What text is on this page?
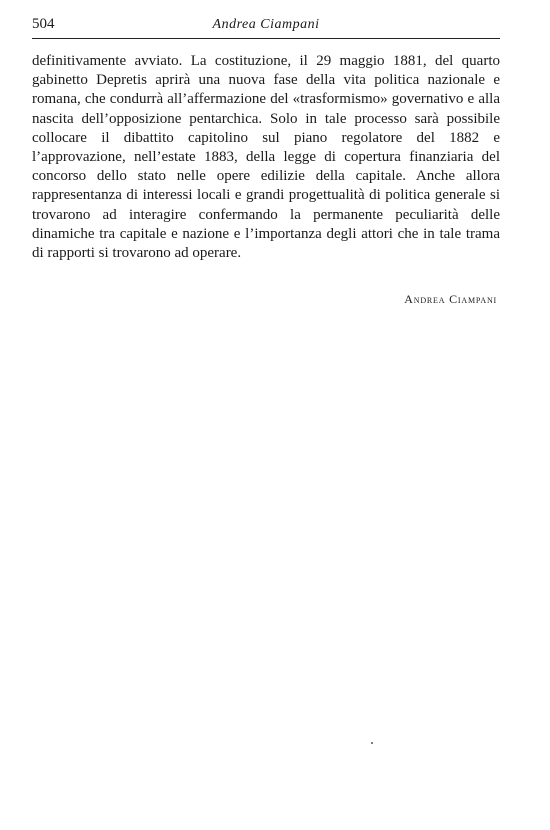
504	Andrea Ciampani

definitivamente avviato. La costituzione, il 29 maggio 1881, del quarto gabinetto Depretis aprirà una nuova fase della vita politica nazionale e romana, che condurrà all’affermazione del «trasformismo» governativo e alla nascita dell’opposizione pentarchica. Solo in tale processo sarà possibile collocare il dibattito capitolino sul piano regolatore del 1882 e l’approvazione, nell’estate 1883, della legge di copertura finanziaria del concorso dello stato nelle opere edilizie della capitale. Anche allora rappresentanza di interessi locali e grandi progettualità di politica generale si trovarono ad interagire confermando la permanente peculiarità delle dinamiche tra capitale e nazione e l’importanza degli attori che in tale trama di rapporti si trovarono ad operare.

Andrea Ciampani
